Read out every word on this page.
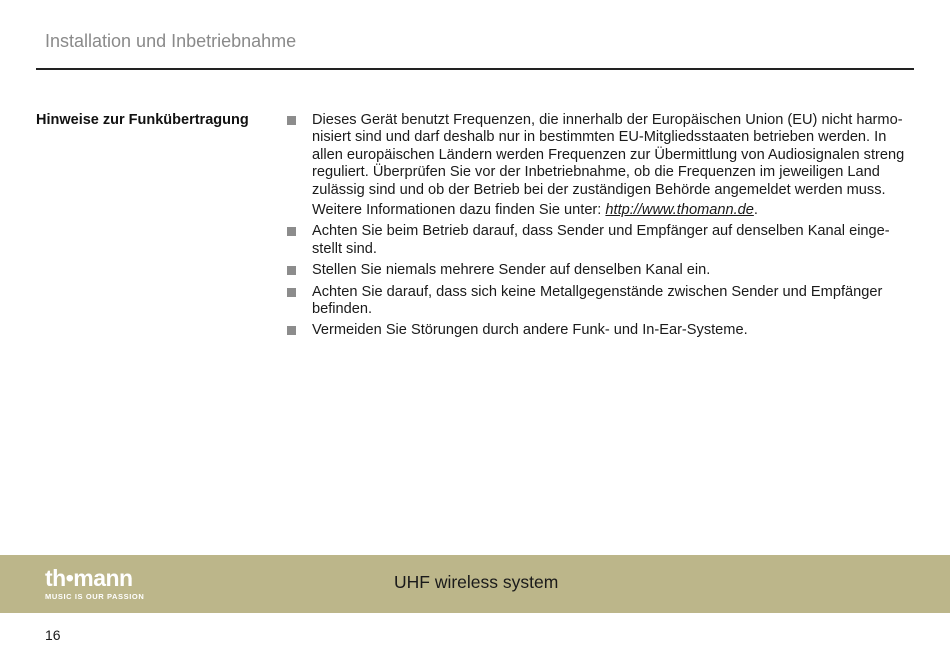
Installation und Inbetriebnahme
Hinweise zur Funkübertragung	Dieses Gerät benutzt Frequenzen, die innerhalb der Europäischen Union (EU) nicht harmo-nisiert sind und darf deshalb nur in bestimmten EU-Mitgliedsstaaten betrieben werden. In allen europäischen Ländern werden Frequenzen zur Übermittlung von Audiosignalen streng reguliert. Überprüfen Sie vor der Inbetriebnahme, ob die Frequenzen im jeweiligen Land zulässig sind und ob der Betrieb bei der zuständigen Behörde angemeldet werden muss.
Weitere Informationen dazu finden Sie unter: http://www.thomann.de.
Achten Sie beim Betrieb darauf, dass Sender und Empfänger auf denselben Kanal einge-stellt sind.
Stellen Sie niemals mehrere Sender auf denselben Kanal ein.
Achten Sie darauf, dass sich keine Metallgegenstände zwischen Sender und Empfänger befinden.
Vermeiden Sie Störungen durch andere Funk- und In-Ear-Systeme.
th•mann
MUSIC IS OUR PASSION
UHF wireless system
16
